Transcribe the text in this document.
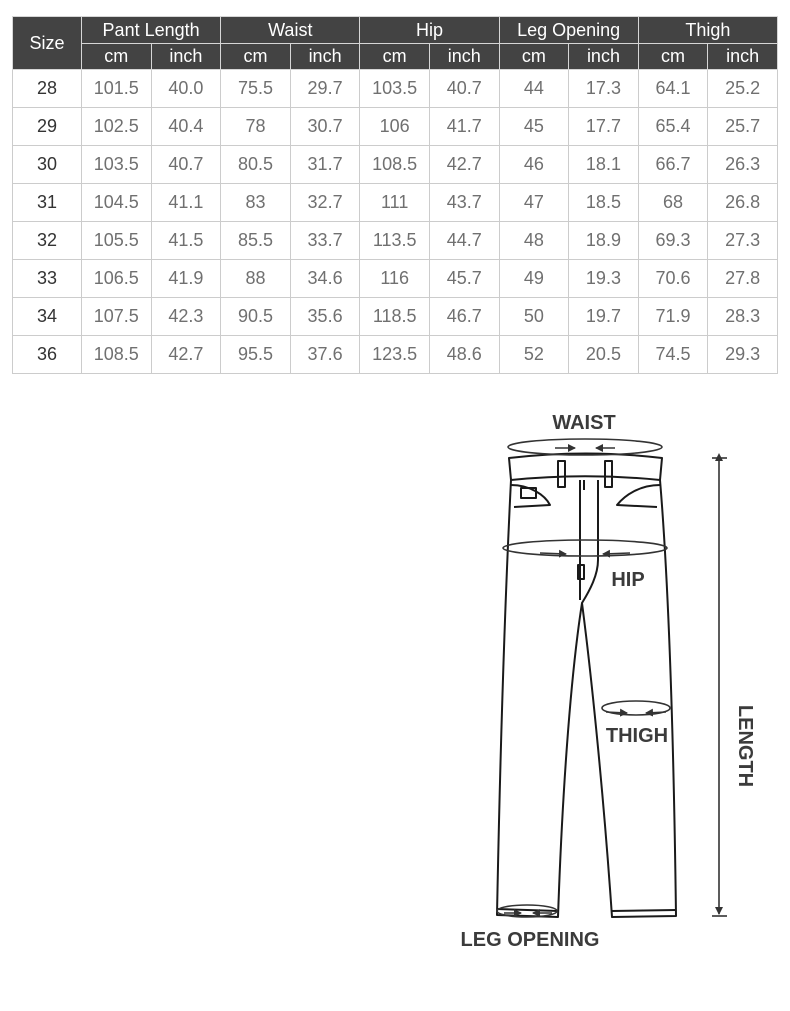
Size	Pant Length		Waist		Hip		Leg Opening		Thigh	
	cm	inch	cm	inch	cm	inch	cm	inch	cm	inch
28	101.5	40.0	75.5	29.7	103.5	40.7	44	17.3	64.1	25.2
29	102.5	40.4	78	30.7	106	41.7	45	17.7	65.4	25.7
30	103.5	40.7	80.5	31.7	108.5	42.7	46	18.1	66.7	26.3
31	104.5	41.1	83	32.7	111	43.7	47	18.5	68	26.8
32	105.5	41.5	85.5	33.7	113.5	44.7	48	18.9	69.3	27.3
33	106.5	41.9	88	34.6	116	45.7	49	19.3	70.6	27.8
34	107.5	42.3	90.5	35.6	118.5	46.7	50	19.7	71.9	28.3
36	108.5	42.7	95.5	37.6	123.5	48.6	52	20.5	74.5	29.3
WAIST
HIP
THIGH
LEG OPENING
LENGTH
